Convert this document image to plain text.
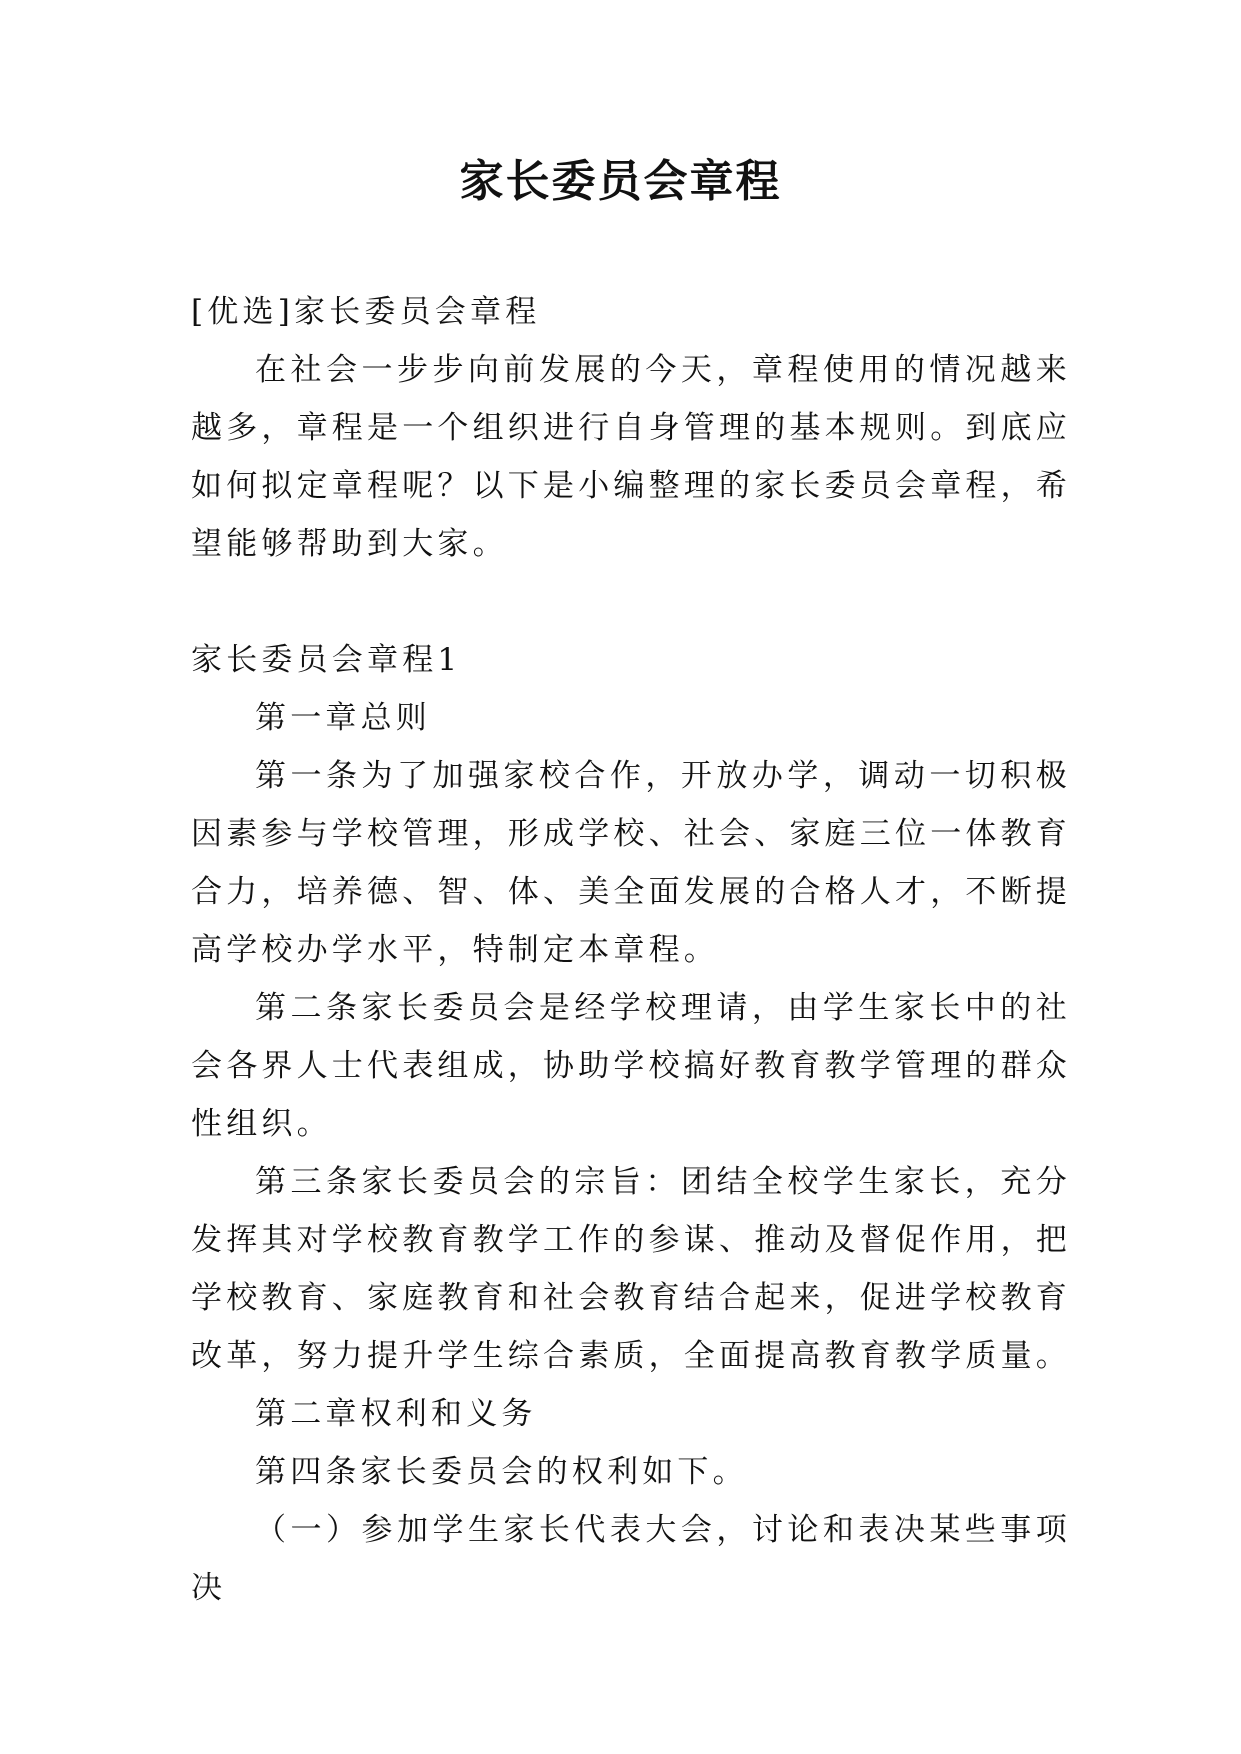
家长委员会章程

[优选]家长委员会章程

在社会一步步向前发展的今天，章程使用的情况越来越多，章程是一个组织进行自身管理的基本规则。到底应如何拟定章程呢？以下是小编整理的家长委员会章程，希望能够帮助到大家。

家长委员会章程1

第一章总则

第一条为了加强家校合作，开放办学，调动一切积极因素参与学校管理，形成学校、社会、家庭三位一体教育合力，培养德、智、体、美全面发展的合格人才，不断提高学校办学水平，特制定本章程。

第二条家长委员会是经学校理请，由学生家长中的社会各界人士代表组成，协助学校搞好教育教学管理的群众性组织。

第三条家长委员会的宗旨：团结全校学生家长，充分发挥其对学校教育教学工作的参谋、推动及督促作用，把学校教育、家庭教育和社会教育结合起来，促进学校教育改革，努力提升学生综合素质，全面提高教育教学质量。

第二章权利和义务

第四条家长委员会的权利如下。

（一）参加学生家长代表大会，讨论和表决某些事项决
